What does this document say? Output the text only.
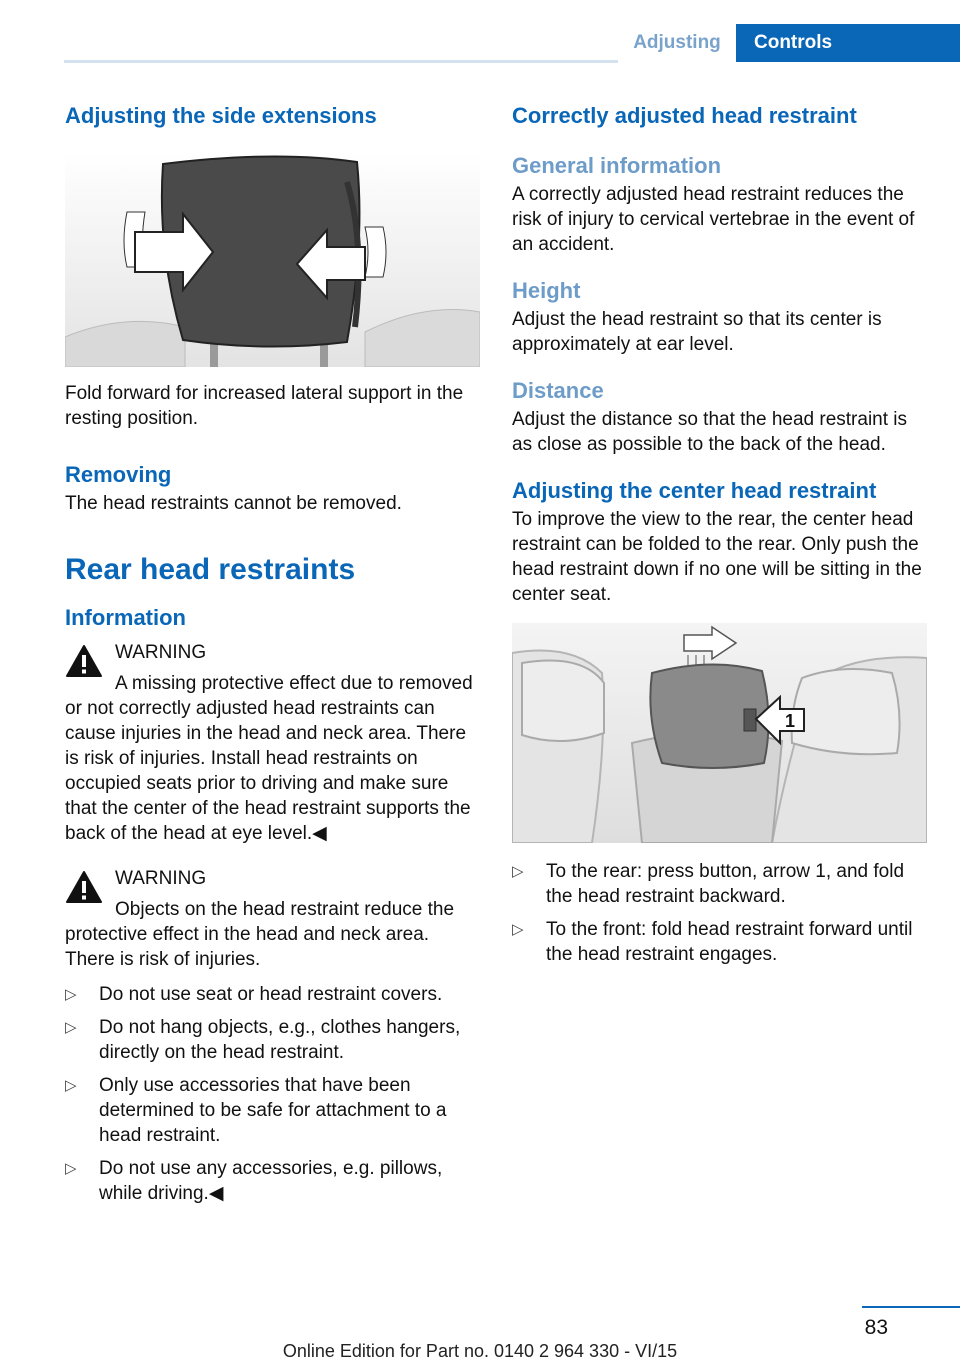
Adjusting	Controls
Adjusting the side extensions

Fold forward for increased lateral support in the resting position.

Removing

The head restraints cannot be removed.

Rear head restraints
Information

WARNING

A missing protective effect due to removed or not correctly adjusted head restraints can cause injuries in the head and neck area. There is risk of injuries. Install head restraints on occupied seats prior to driving and make sure that the center of the head restraint supports the back of the head at eye level.◀

WARNING

Objects on the head restraint reduce the protective effect in the head and neck area. There is risk of injuries.

▷ Do not use seat or head restraint covers.
▷ Do not hang objects, e.g., clothes hangers, directly on the head restraint.
▷ Only use accessories that have been determined to be safe for attachment to a head restraint.
▷ Do not use any accessories, e.g. pillows, while driving.◀
Correctly adjusted head restraint
General information

A correctly adjusted head restraint reduces the risk of injury to cervical vertebrae in the event of an accident.

Height

Adjust the head restraint so that its center is approximately at ear level.

Distance

Adjust the distance so that the head restraint is as close as possible to the back of the head.

Adjusting the center head restraint

To improve the view to the rear, the center head restraint can be folded to the rear. Only push the head restraint down if no one will be sitting in the center seat.

1
▷ To the rear: press button, arrow 1, and fold the head restraint backward.
▷ To the front: fold head restraint forward until the head restraint engages.
83
Online Edition for Part no. 0140 2 964 330 - VI/15
